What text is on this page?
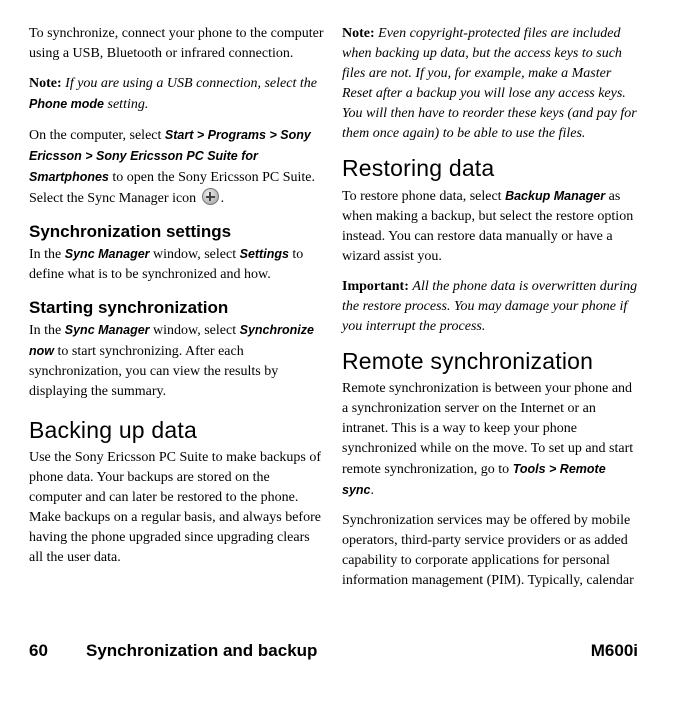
To synchronize, connect your phone to the computer using a USB, Bluetooth or infrared connection.

Note: If you are using a USB connection, select the Phone mode setting.

On the computer, select Start > Programs > Sony Ericsson > Sony Ericsson PC Suite for Smartphones to open the Sony Ericsson PC Suite. Select the Sync Manager icon .

Synchronization settings

In the Sync Manager window, select Settings to define what is to be synchronized and how.

Starting synchronization

In the Sync Manager window, select Synchronize now to start synchronizing. After each synchronization, you can view the results by displaying the summary.

Backing up data

Use the Sony Ericsson PC Suite to make backups of phone data. Your backups are stored on the computer and can later be restored to the phone. Make backups on a regular basis, and always before having the phone upgraded since upgrading clears all the user data.

Note: Even copyright-protected files are included when backing up data, but the access keys to such files are not. If you, for example, make a Master Reset after a backup you will lose any access keys. You will then have to reorder these keys (and pay for them once again) to be able to use the files.

Restoring data

To restore phone data, select Backup Manager as when making a backup, but select the restore option instead. You can restore data manually or have a wizard assist you.

Important: All the phone data is overwritten during the restore process. You may damage your phone if you interrupt the process.

Remote synchronization

Remote synchronization is between your phone and a synchronization server on the Internet or an intranet. This is a way to keep your phone synchronized while on the move. To set up and start remote synchronization, go to Tools > Remote sync.

Synchronization services may be offered by mobile operators, third-party service providers or as added capability to corporate applications for personal information management (PIM). Typically, calendar

60 Synchronization and backup	M600i
